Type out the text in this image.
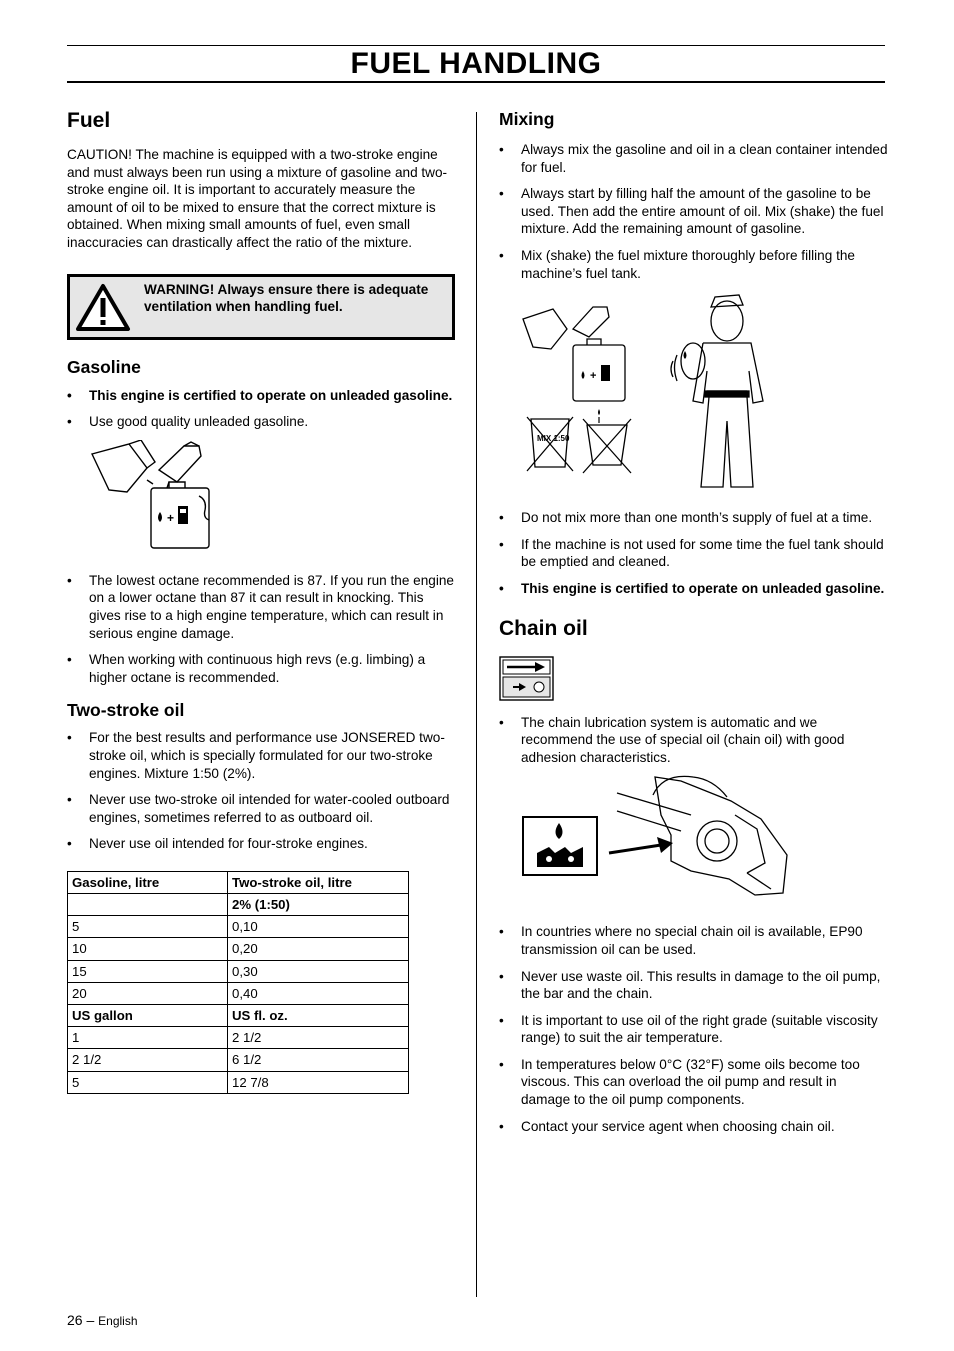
FUEL HANDLING
Fuel

CAUTION! The machine is equipped with a two-stroke engine and must always been run using a mixture of gasoline and two-stroke engine oil. It is important to accurately measure the amount of oil to be mixed to ensure that the correct mixture is obtained. When mixing small amounts of fuel, even small inaccuracies can drastically affect the ratio of the mixture.

WARNING! Always ensure there is adequate ventilation when handling fuel.
Gasoline
• This engine is certified to operate on unleaded gasoline.
• Use good quality unleaded gasoline.
+
• The lowest octane recommended is 87. If you run the engine on a lower octane than 87 it can result in knocking. This gives rise to a high engine temperature, which can result in serious engine damage.
• When working with continuous high revs (e.g. limbing) a higher octane is recommended.
Two-stroke oil
• For the best results and performance use JONSERED two-stroke oil, which is specially formulated for our two-stroke engines. Mixture 1:50 (2%).
• Never use two-stroke oil intended for water-cooled outboard engines, sometimes referred to as outboard oil.
• Never use oil intended for four-stroke engines.
Gasoline, litre	Two-stroke oil, litre
	2% (1:50)
5	0,10
10	0,20
15	0,30
20	0,40
US gallon	US fl. oz.
1	2 1/2
2 1/2	6 1/2
5	12 7/8
Mixing
• Always mix the gasoline and oil in a clean container intended for fuel.
• Always start by filling half the amount of the gasoline to be used. Then add the entire amount of oil. Mix (shake) the fuel mixture. Add the remaining amount of gasoline.
• Mix (shake) the fuel mixture thoroughly before filling the machine’s fuel tank.
+
MIX 1:50
• Do not mix more than one month’s supply of fuel at a time.
• If the machine is not used for some time the fuel tank should be emptied and cleaned.
• This engine is certified to operate on unleaded gasoline.
Chain oil
• The chain lubrication system is automatic and we recommend the use of special oil (chain oil) with good adhesion characteristics.
• In countries where no special chain oil is available, EP90 transmission oil can be used.
• Never use waste oil. This results in damage to the oil pump, the bar and the chain.
• It is important to use oil of the right grade (suitable viscosity range) to suit the air temperature.
• In temperatures below 0°C (32°F) some oils become too viscous. This can overload the oil pump and result in damage to the oil pump components.
• Contact your service agent when choosing chain oil.
26 – English
